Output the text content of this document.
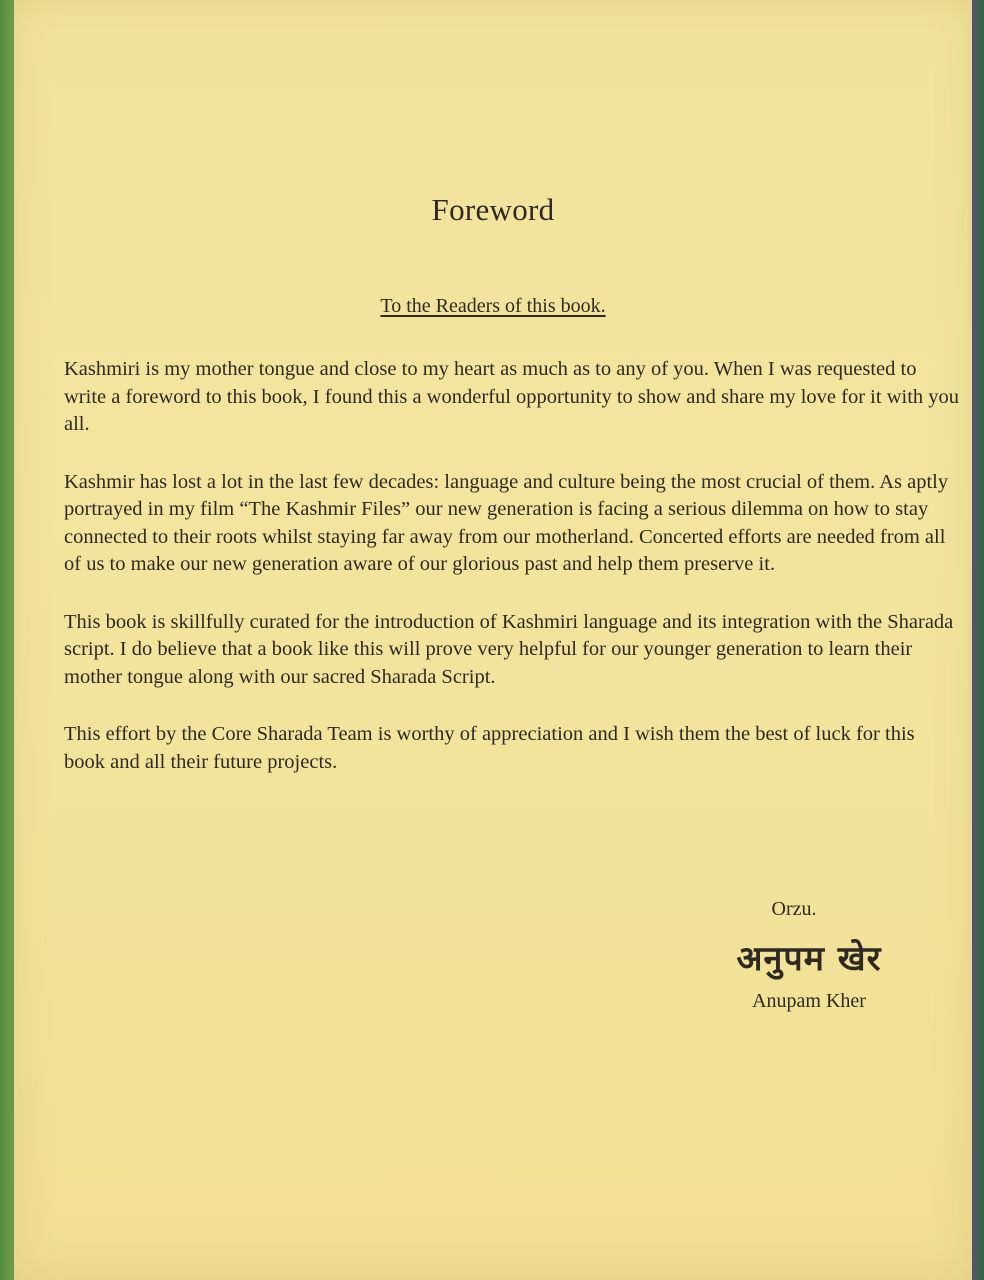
Foreword
To the Readers of this book.

Kashmiri is my mother tongue and close to my heart as much as to any of you. When I was requested to write a foreword to this book, I found this a wonderful opportunity to show and share my love for it with you all.

Kashmir has lost a lot in the last few decades: language and culture being the most crucial of them. As aptly portrayed in my film “The Kashmir Files” our new generation is facing a serious dilemma on how to stay connected to their roots whilst staying far away from our motherland. Concerted efforts are needed from all of us to make our new generation aware of our glorious past and help them preserve it.

This book is skillfully curated for the introduction of Kashmiri language and its integration with the Sharada script. I do believe that a book like this will prove very helpful for our younger generation to learn their mother tongue along with our sacred Sharada Script.

This effort by the Core Sharada Team is worthy of appreciation and I wish them the best of luck for this book and all their future projects.

Orzu.
अनुपम खेर
Anupam Kher
